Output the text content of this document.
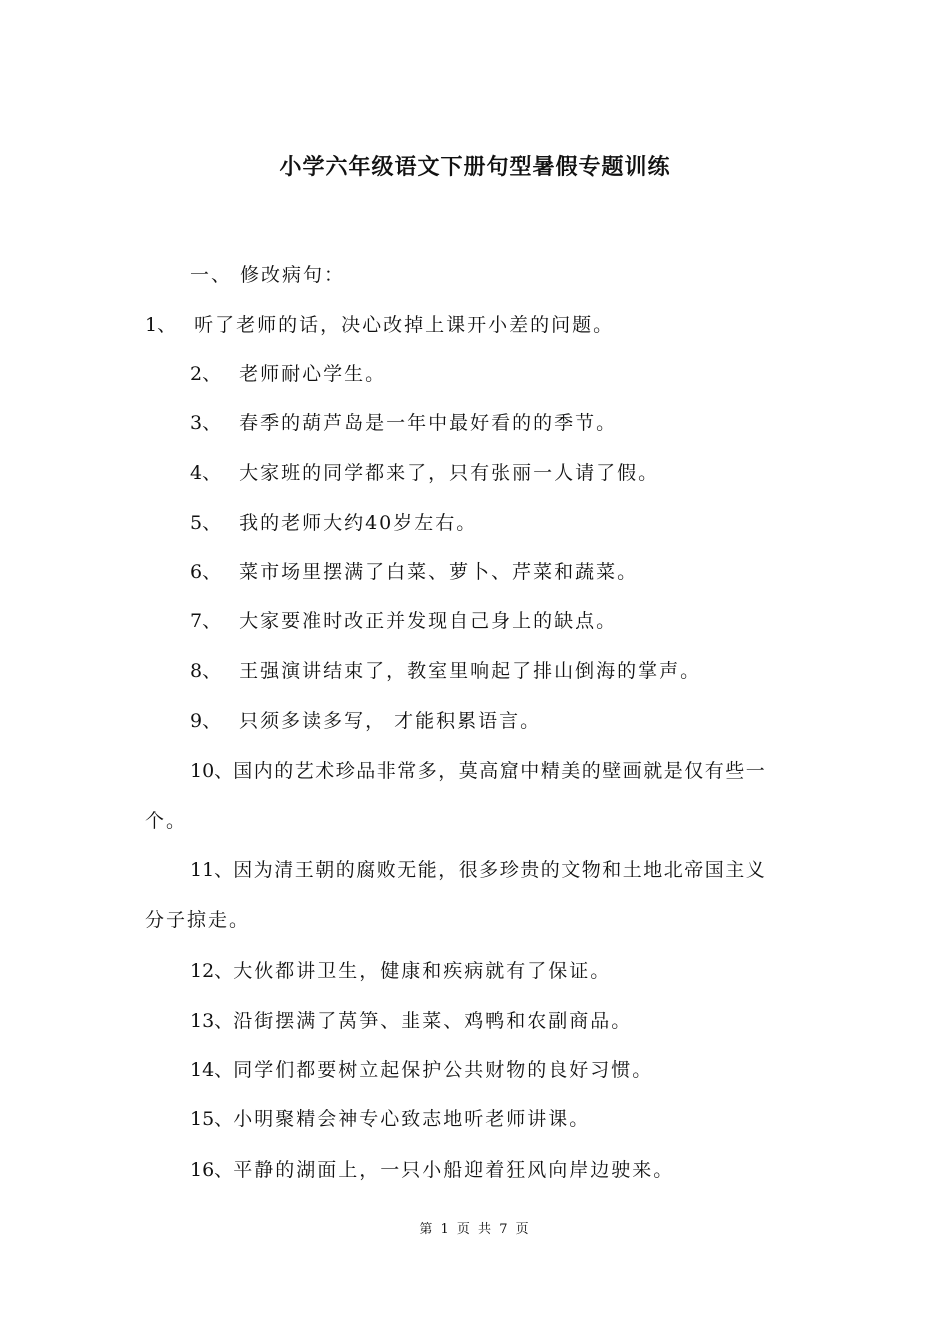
小学六年级语文下册句型暑假专题训练
一、 修改病句：
1、 听了老师的话，决心改掉上课开小差的问题。
2、 老师耐心学生。
3、 春季的葫芦岛是一年中最好看的的季节。
4、 大家班的同学都来了，只有张丽一人请了假。
5、 我的老师大约40岁左右。
6、 菜市场里摆满了白菜、萝卜、芹菜和蔬菜。
7、 大家要准时改正并发现自己身上的缺点。
8、 王强演讲结束了，教室里响起了排山倒海的掌声。
9、 只须多读多写， 才能积累语言。
10、国内的艺术珍品非常多，莫高窟中精美的壁画就是仅有些一
个。
11、因为清王朝的腐败无能，很多珍贵的文物和土地北帝国主义
分子掠走。
12、大伙都讲卫生，健康和疾病就有了保证。
13、沿街摆满了莴笋、韭菜、鸡鸭和农副商品。
14、同学们都要树立起保护公共财物的良好习惯。
15、小明聚精会神专心致志地听老师讲课。
16、平静的湖面上，一只小船迎着狂风向岸边驶来。
第 1 页 共 7 页
